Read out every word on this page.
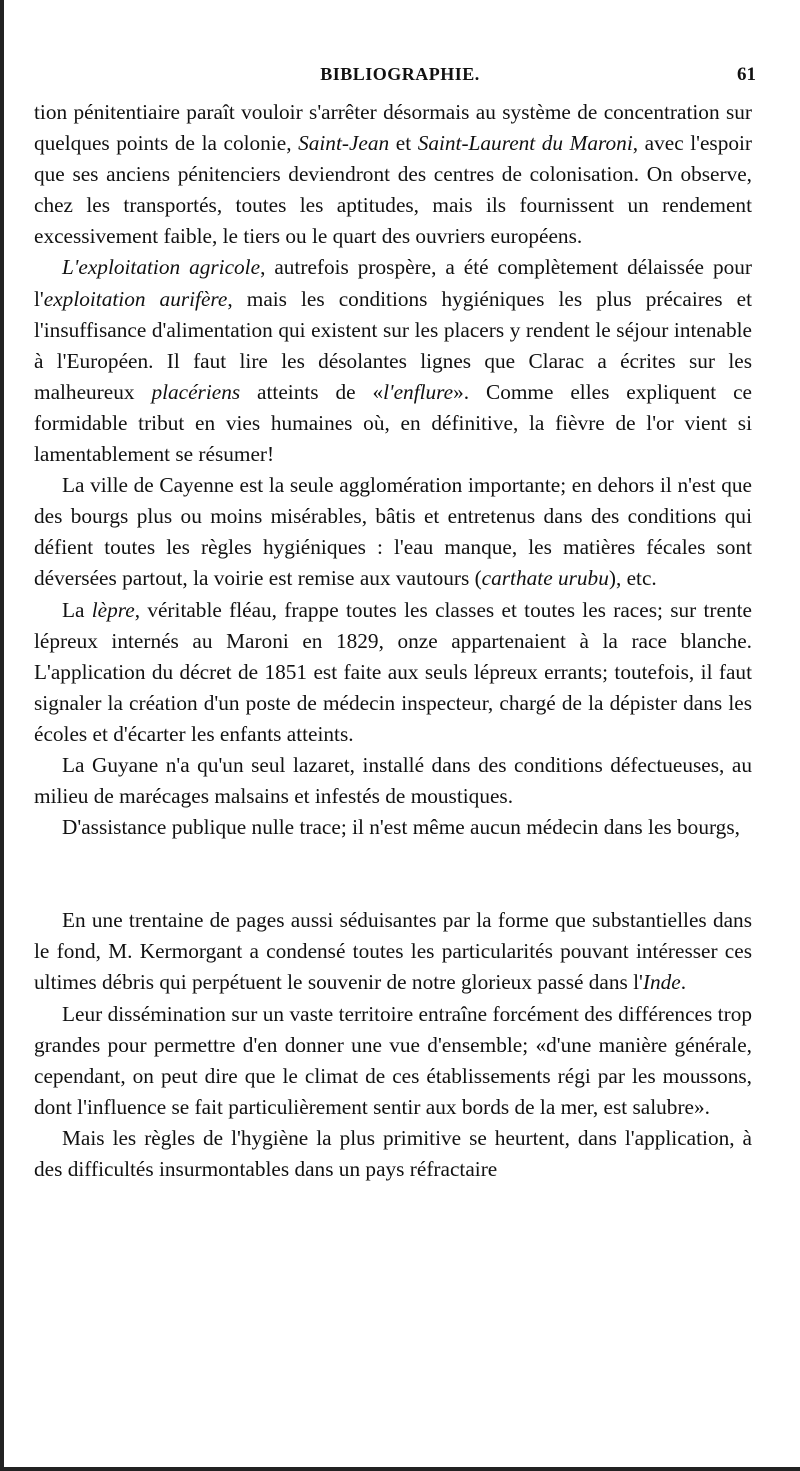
BIBLIOGRAPHIE.	61

tion pénitentiaire paraît vouloir s'arrêter désormais au système de concentration sur quelques points de la colonie, Saint-Jean et Saint-Laurent du Maroni, avec l'espoir que ses anciens pénitenciers deviendront des centres de colonisation. On observe, chez les transportés, toutes les aptitudes, mais ils fournissent un rendement excessivement faible, le tiers ou le quart des ouvriers européens.

L'exploitation agricole, autrefois prospère, a été complètement délaissée pour l'exploitation aurifère, mais les conditions hygiéniques les plus précaires et l'insuffisance d'alimentation qui existent sur les placers y rendent le séjour intenable à l'Européen. Il faut lire les désolantes lignes que Clarac a écrites sur les malheureux placériens atteints de «l'enflure». Comme elles expliquent ce formidable tribut en vies humaines où, en définitive, la fièvre de l'or vient si lamentablement se résumer!

La ville de Cayenne est la seule agglomération importante; en dehors il n'est que des bourgs plus ou moins misérables, bâtis et entretenus dans des conditions qui défient toutes les règles hygiéniques : l'eau manque, les matières fécales sont déversées partout, la voirie est remise aux vautours (carthate urubu), etc.

La lèpre, véritable fléau, frappe toutes les classes et toutes les races; sur trente lépreux internés au Maroni en 1829, onze appartenaient à la race blanche. L'application du décret de 1851 est faite aux seuls lépreux errants; toutefois, il faut signaler la création d'un poste de médecin inspecteur, chargé de la dépister dans les écoles et d'écarter les enfants atteints.

La Guyane n'a qu'un seul lazaret, installé dans des conditions défectueuses, au milieu de marécages malsains et infestés de moustiques.

D'assistance publique nulle trace; il n'est même aucun médecin dans les bourgs,

En une trentaine de pages aussi séduisantes par la forme que substantielles dans le fond, M. Kermorgant a condensé toutes les particularités pouvant intéresser ces ultimes débris qui perpétuent le souvenir de notre glorieux passé dans l'Inde.

Leur dissémination sur un vaste territoire entraîne forcément des différences trop grandes pour permettre d'en donner une vue d'ensemble; «d'une manière générale, cependant, on peut dire que le climat de ces établissements régi par les moussons, dont l'influence se fait particulièrement sentir aux bords de la mer, est salubre».

Mais les règles de l'hygiène la plus primitive se heurtent, dans l'application, à des difficultés insurmontables dans un pays réfractaire
